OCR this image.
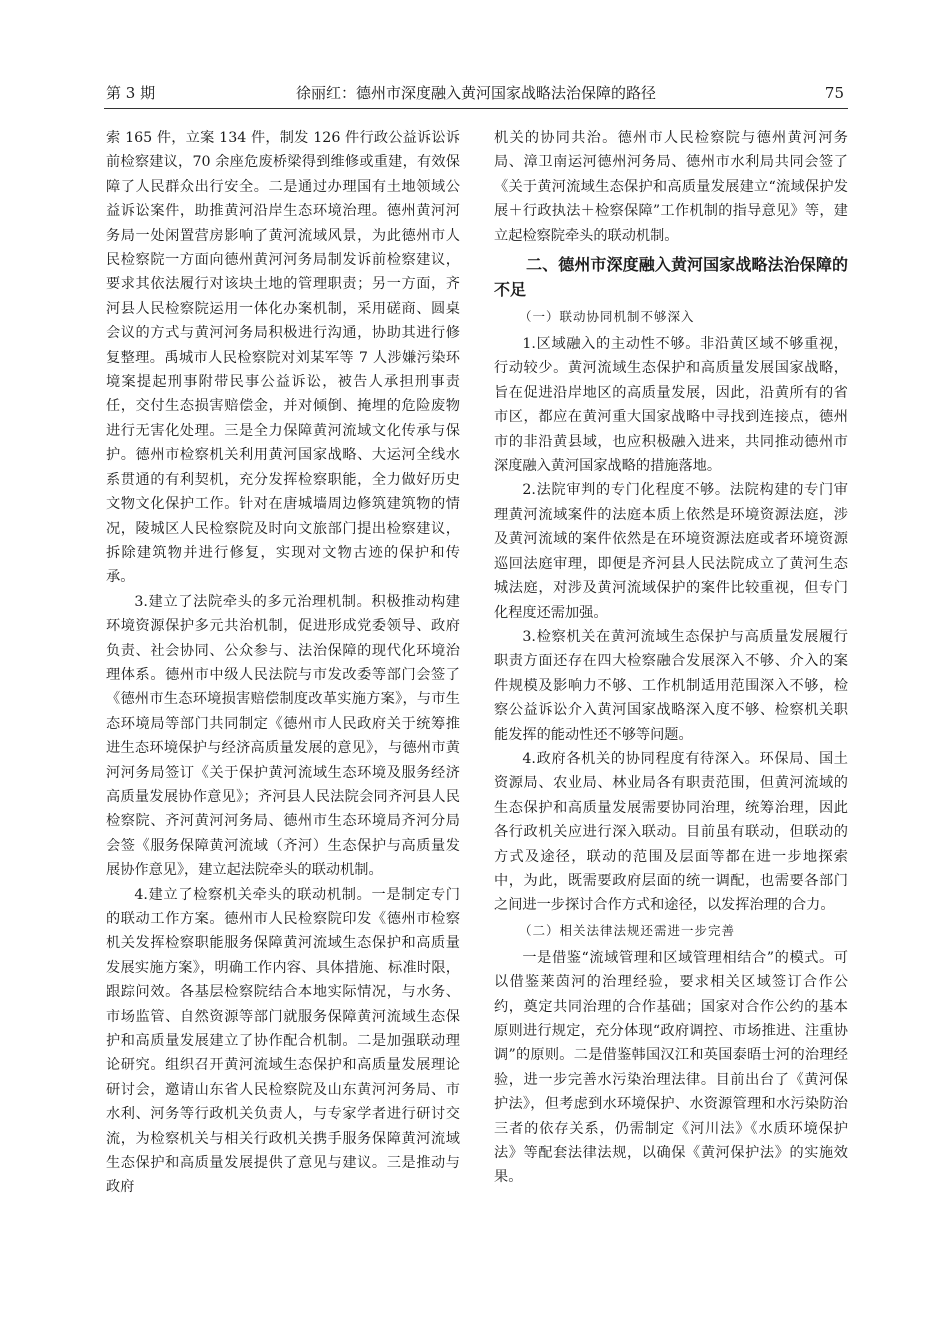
第 3 期	徐丽红：德州市深度融入黄河国家战略法治保障的路径	75

索 165 件，立案 134 件，制发 126 件行政公益诉讼诉前检察建议，70 余座危废桥梁得到维修或重建，有效保障了人民群众出行安全。二是通过办理国有土地领域公益诉讼案件，助推黄河沿岸生态环境治理。德州黄河河务局一处闲置营房影响了黄河流域风景，为此德州市人民检察院一方面向德州黄河河务局制发诉前检察建议，要求其依法履行对该块土地的管理职责；另一方面，齐河县人民检察院运用一体化办案机制，采用磋商、圆桌会议的方式与黄河河务局积极进行沟通，协助其进行修复整理。禹城市人民检察院对刘某军等 7 人涉嫌污染环境案提起刑事附带民事公益诉讼，被告人承担刑事责任，交付生态损害赔偿金，并对倾倒、掩埋的危险废物进行无害化处理。三是全力保障黄河流域文化传承与保护。德州市检察机关利用黄河国家战略、大运河全线水系贯通的有利契机，充分发挥检察职能，全力做好历史文物文化保护工作。针对在唐城墙周边修筑建筑物的情况，陵城区人民检察院及时向文旅部门提出检察建议，拆除建筑物并进行修复，实现对文物古迹的保护和传承。

3.建立了法院牵头的多元治理机制。积极推动构建环境资源保护多元共治机制，促进形成党委领导、政府负责、社会协同、公众参与、法治保障的现代化环境治理体系。德州市中级人民法院与市发改委等部门会签了《德州市生态环境损害赔偿制度改革实施方案》，与市生态环境局等部门共同制定《德州市人民政府关于统筹推进生态环境保护与经济高质量发展的意见》，与德州市黄河河务局签订《关于保护黄河流域生态环境及服务经济高质量发展协作意见》；齐河县人民法院会同齐河县人民检察院、齐河黄河河务局、德州市生态环境局齐河分局会签《服务保障黄河流域（齐河）生态保护与高质量发展协作意见》，建立起法院牵头的联动机制。

4.建立了检察机关牵头的联动机制。一是制定专门的联动工作方案。德州市人民检察院印发《德州市检察机关发挥检察职能服务保障黄河流域生态保护和高质量发展实施方案》，明确工作内容、具体措施、标准时限，跟踪问效。各基层检察院结合本地实际情况，与水务、市场监管、自然资源等部门就服务保障黄河流域生态保护和高质量发展建立了协作配合机制。二是加强联动理论研究。组织召开黄河流域生态保护和高质量发展理论研讨会，邀请山东省人民检察院及山东黄河河务局、市水利、河务等行政机关负责人，与专家学者进行研讨交流，为检察机关与相关行政机关携手服务保障黄河流域生态保护和高质量发展提供了意见与建议。三是推动与政府

机关的协同共治。德州市人民检察院与德州黄河河务局、漳卫南运河德州河务局、德州市水利局共同会签了《关于黄河流域生态保护和高质量发展建立“流域保护发展＋行政执法＋检察保障”工作机制的指导意见》等，建立起检察院牵头的联动机制。

二、德州市深度融入黄河国家战略法治保障的不足
（一）联动协同机制不够深入

1.区域融入的主动性不够。非沿黄区域不够重视，行动较少。黄河流域生态保护和高质量发展国家战略，旨在促进沿岸地区的高质量发展，因此，沿黄所有的省市区，都应在黄河重大国家战略中寻找到连接点，德州市的非沿黄县域，也应积极融入进来，共同推动德州市深度融入黄河国家战略的措施落地。

2.法院审判的专门化程度不够。法院构建的专门审理黄河流域案件的法庭本质上依然是环境资源法庭，涉及黄河流域的案件依然是在环境资源法庭或者环境资源巡回法庭审理，即便是齐河县人民法院成立了黄河生态城法庭，对涉及黄河流域保护的案件比较重视，但专门化程度还需加强。

3.检察机关在黄河流域生态保护与高质量发展履行职责方面还存在四大检察融合发展深入不够、介入的案件规模及影响力不够、工作机制适用范围深入不够，检察公益诉讼介入黄河国家战略深入度不够、检察机关职能发挥的能动性还不够等问题。

4.政府各机关的协同程度有待深入。环保局、国土资源局、农业局、林业局各有职责范围，但黄河流域的生态保护和高质量发展需要协同治理，统筹治理，因此各行政机关应进行深入联动。目前虽有联动，但联动的方式及途径，联动的范围及层面等都在进一步地探索中，为此，既需要政府层面的统一调配，也需要各部门之间进一步探讨合作方式和途径，以发挥治理的合力。

（二）相关法律法规还需进一步完善

一是借鉴“流域管理和区域管理相结合”的模式。可以借鉴莱茵河的治理经验，要求相关区域签订合作公约，奠定共同治理的合作基础；国家对合作公约的基本原则进行规定，充分体现“政府调控、市场推进、注重协调”的原则。二是借鉴韩国汉江和英国泰晤士河的治理经验，进一步完善水污染治理法律。目前出台了《黄河保护法》，但考虑到水环境保护、水资源管理和水污染防治三者的依存关系，仍需制定《河川法》《水质环境保护法》等配套法律法规，以确保《黄河保护法》的实施效果。
